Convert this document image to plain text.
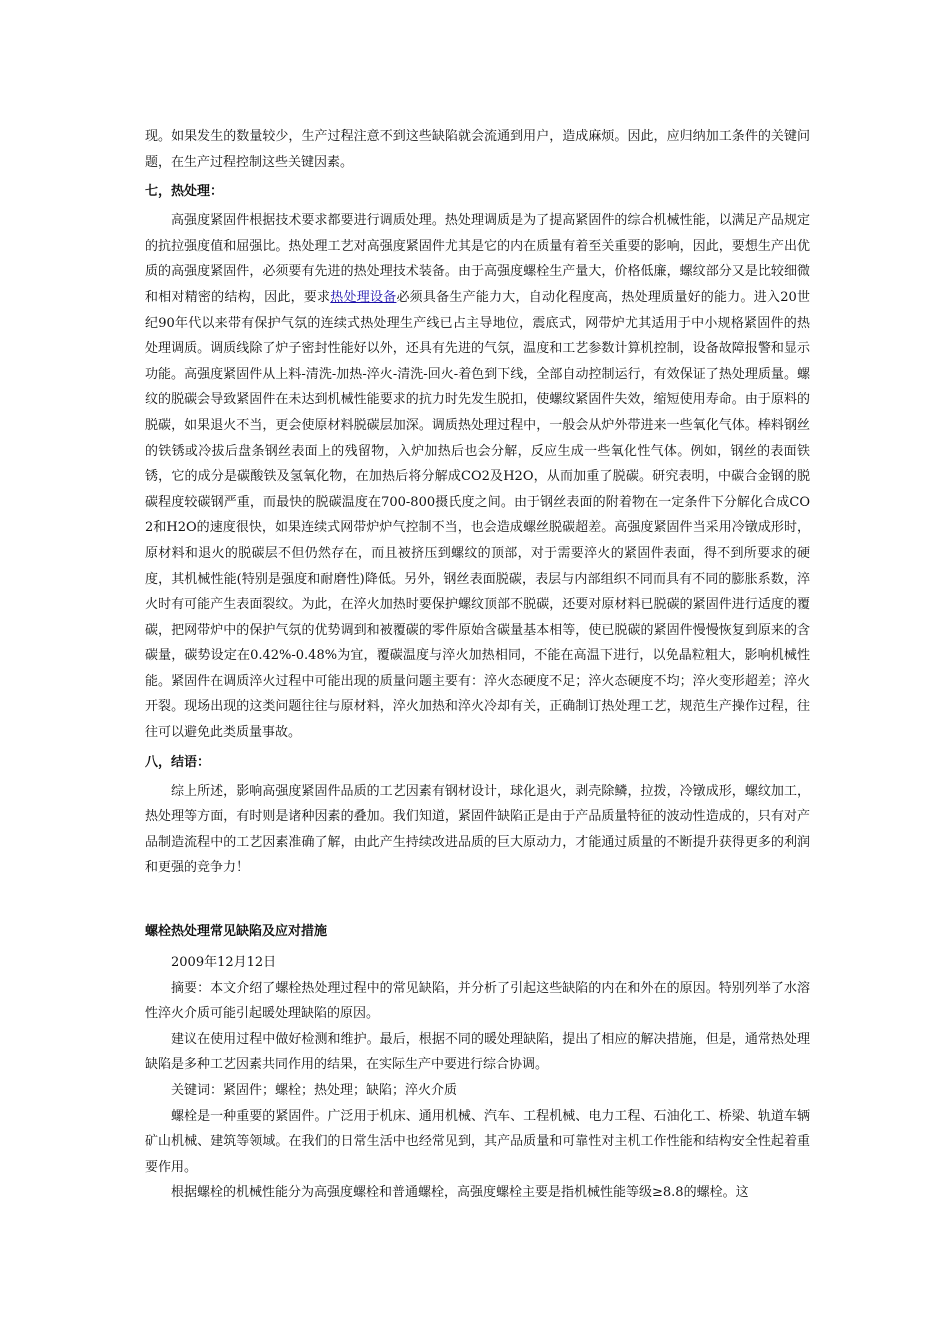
现。如果发生的数量较少，生产过程注意不到这些缺陷就会流通到用户，造成麻烦。因此，应归纳加工条件的关键问题，在生产过程控制这些关键因素。

七，热处理：

高强度紧固件根据技术要求都要进行调质处理。热处理调质是为了提高紧固件的综合机械性能，以满足产品规定的抗拉强度值和屈强比。热处理工艺对高强度紧固件尤其是它的内在质量有着至关重要的影响，因此，要想生产出优质的高强度紧固件，必须要有先进的热处理技术装备。由于高强度螺栓生产量大，价格低廉，螺纹部分又是比较细微和相对精密的结构，因此，要求热处理设备必须具备生产能力大，自动化程度高，热处理质量好的能力。进入20世纪90年代以来带有保护气氛的连续式热处理生产线已占主导地位，震底式，网带炉尤其适用于中小规格紧固件的热处理调质。调质线除了炉子密封性能好以外，还具有先进的气氛，温度和工艺参数计算机控制，设备故障报警和显示功能。高强度紧固件从上料-清洗-加热-淬火-清洗-回火-着色到下线，全部自动控制运行，有效保证了热处理质量。螺纹的脱碳会导致紧固件在未达到机械性能要求的抗力时先发生脱扣，使螺纹紧固件失效，缩短使用寿命。由于原料的脱碳，如果退火不当，更会使原材料脱碳层加深。调质热处理过程中，一般会从炉外带进来一些氧化气体。棒料钢丝的铁锈或冷拔后盘条钢丝表面上的残留物，入炉加热后也会分解，反应生成一些氧化性气体。例如，钢丝的表面铁锈，它的成分是碳酸铁及氢氧化物，在加热后将分解成CO2及H2O，从而加重了脱碳。研究表明，中碳合金钢的脱碳程度较碳钢严重，而最快的脱碳温度在700-800摄氏度之间。由于钢丝表面的附着物在一定条件下分解化合成CO2和H2O的速度很快，如果连续式网带炉炉气控制不当，也会造成螺丝脱碳超差。高强度紧固件当采用冷镦成形时，原材料和退火的脱碳层不但仍然存在，而且被挤压到螺纹的顶部，对于需要淬火的紧固件表面，得不到所要求的硬度，其机械性能(特别是强度和耐磨性)降低。另外，钢丝表面脱碳，表层与内部组织不同而具有不同的膨胀系数，淬火时有可能产生表面裂纹。为此，在淬火加热时要保护螺纹顶部不脱碳，还要对原材料已脱碳的紧固件进行适度的覆碳，把网带炉中的保护气氛的优势调到和被覆碳的零件原始含碳量基本相等，使已脱碳的紧固件慢慢恢复到原来的含碳量，碳势设定在0.42%-0.48%为宜，覆碳温度与淬火加热相同，不能在高温下进行，以免晶粒粗大，影响机械性能。紧固件在调质淬火过程中可能出现的质量问题主要有：淬火态硬度不足；淬火态硬度不均；淬火变形超差；淬火开裂。现场出现的这类问题往往与原材料，淬火加热和淬火冷却有关，正确制订热处理工艺，规范生产操作过程，往往可以避免此类质量事故。

八，结语：

综上所述，影响高强度紧固件品质的工艺因素有钢材设计，球化退火，剥壳除鳞，拉拨，冷镦成形，螺纹加工，热处理等方面，有时则是诸种因素的叠加。我们知道，紧固件缺陷正是由于产品质量特征的波动性造成的，只有对产品制造流程中的工艺因素准确了解，由此产生持续改进品质的巨大原动力，才能通过质量的不断提升获得更多的利润和更强的竞争力！

螺栓热处理常见缺陷及应对措施

2009年12月12日

摘要：本文介绍了螺栓热处理过程中的常见缺陷，并分析了引起这些缺陷的内在和外在的原因。特别列举了水溶性淬火介质可能引起暖处理缺陷的原因。

建议在使用过程中做好检测和维护。最后，根据不同的暖处理缺陷，提出了相应的解决措施，但是，通常热处理缺陷是多种工艺因素共同作用的结果，在实际生产中要进行综合协调。

关键词：紧固件；螺栓；热处理；缺陷；淬火介质

螺栓是一种重要的紧固件。广泛用于机床、通用机械、汽车、工程机械、电力工程、石油化工、桥梁、轨道车辆矿山机械、建筑等领域。在我们的日常生活中也经常见到，其产品质量和可靠性对主机工作性能和结构安全性起着重要作用。

根据螺栓的机械性能分为高强度螺栓和普通螺栓，高强度螺栓主要是指机械性能等级≥8.8的螺栓。这
